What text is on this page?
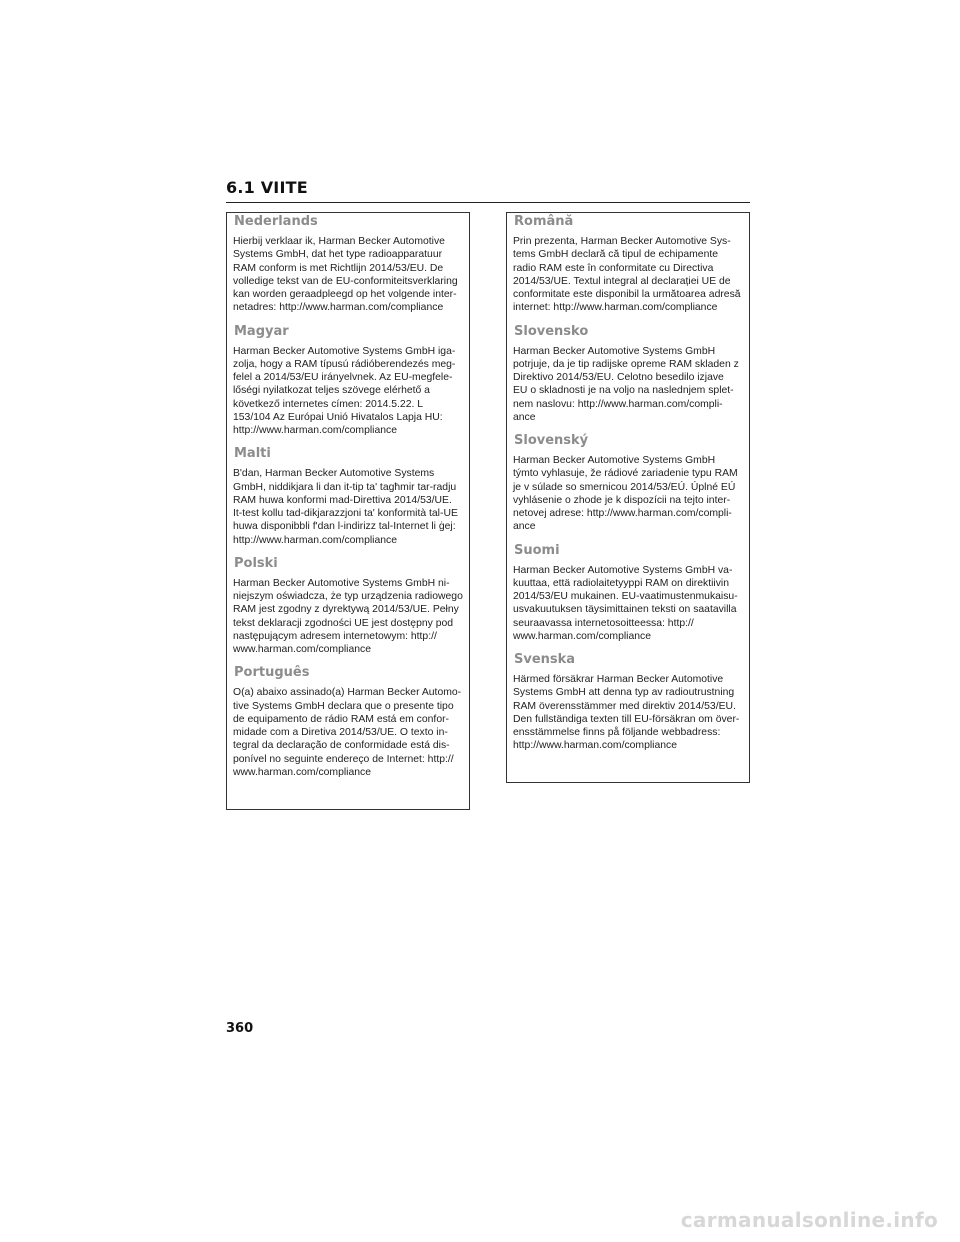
6.1 VIITE
Nederlands

Hierbij verklaar ik, Harman Becker Automotive
Systems GmbH, dat het type radioapparatuur
RAM conform is met Richtlijn 2014/53/EU. De
volledige tekst van de EU-conformiteitsverklaring
kan worden geraadpleegd op het volgende inter-
netadres: http://www.harman.com/compliance

Magyar

Harman Becker Automotive Systems GmbH iga-
zolja, hogy a RAM típusú rádióberendezés meg-
felel a 2014/53/EU irányelvnek. Az EU-megfele-
lőségi nyilatkozat teljes szövege elérhető a
következő internetes címen: 2014.5.22. L
153/104 Az Európai Unió Hivatalos Lapja HU:
http://www.harman.com/compliance

Malti

B'dan, Harman Becker Automotive Systems
GmbH, niddikjara li dan it-tip ta' tagħmir tar-radju
RAM huwa konformi mad-Direttiva 2014/53/UE.
It-test kollu tad-dikjarazzjoni ta' konformità tal-UE
huwa disponibbli f'dan l-indirizz tal-Internet li ġej:
http://www.harman.com/compliance

Polski

Harman Becker Automotive Systems GmbH ni-
niejszym oświadcza, że typ urządzenia radiowego
RAM jest zgodny z dyrektywą 2014/53/UE. Pełny
tekst deklaracji zgodności UE jest dostępny pod
następującym adresem internetowym: http://
www.harman.com/compliance

Português

O(a) abaixo assinado(a) Harman Becker Automo-
tive Systems GmbH declara que o presente tipo
de equipamento de rádio RAM está em confor-
midade com a Diretiva 2014/53/UE. O texto in-
tegral da declaração de conformidade está dis-
ponível no seguinte endereço de Internet: http://
www.harman.com/compliance

Română

Prin prezenta, Harman Becker Automotive Sys-
tems GmbH declară că tipul de echipamente
radio RAM este în conformitate cu Directiva
2014/53/UE. Textul integral al declarației UE de
conformitate este disponibil la următoarea adresă
internet: http://www.harman.com/compliance

Slovensko

Harman Becker Automotive Systems GmbH
potrjuje, da je tip radijske opreme RAM skladen z
Direktivo 2014/53/EU. Celotno besedilo izjave
EU o skladnosti je na voljo na naslednjem splet-
nem naslovu: http://www.harman.com/compli-
ance

Slovenský

Harman Becker Automotive Systems GmbH
týmto vyhlasuje, že rádiové zariadenie typu RAM
je v súlade so smernicou 2014/53/EÚ. Úplné EÚ
vyhlásenie o zhode je k dispozícii na tejto inter-
netovej adrese: http://www.harman.com/compli-
ance

Suomi

Harman Becker Automotive Systems GmbH va-
kuuttaa, että radiolaitetyyppi RAM on direktiivin
2014/53/EU mukainen. EU-vaatimustenmukaisu-
usvakuutuksen täysimittainen teksti on saatavilla
seuraavassa internetosoitteessa: http://
www.harman.com/compliance

Svenska

Härmed försäkrar Harman Becker Automotive
Systems GmbH att denna typ av radioutrustning
RAM överensstämmer med direktiv 2014/53/EU.
Den fullständiga texten till EU-försäkran om över-
ensstämmelse finns på följande webbadress:
http://www.harman.com/compliance

360
carmanualsonline.info
